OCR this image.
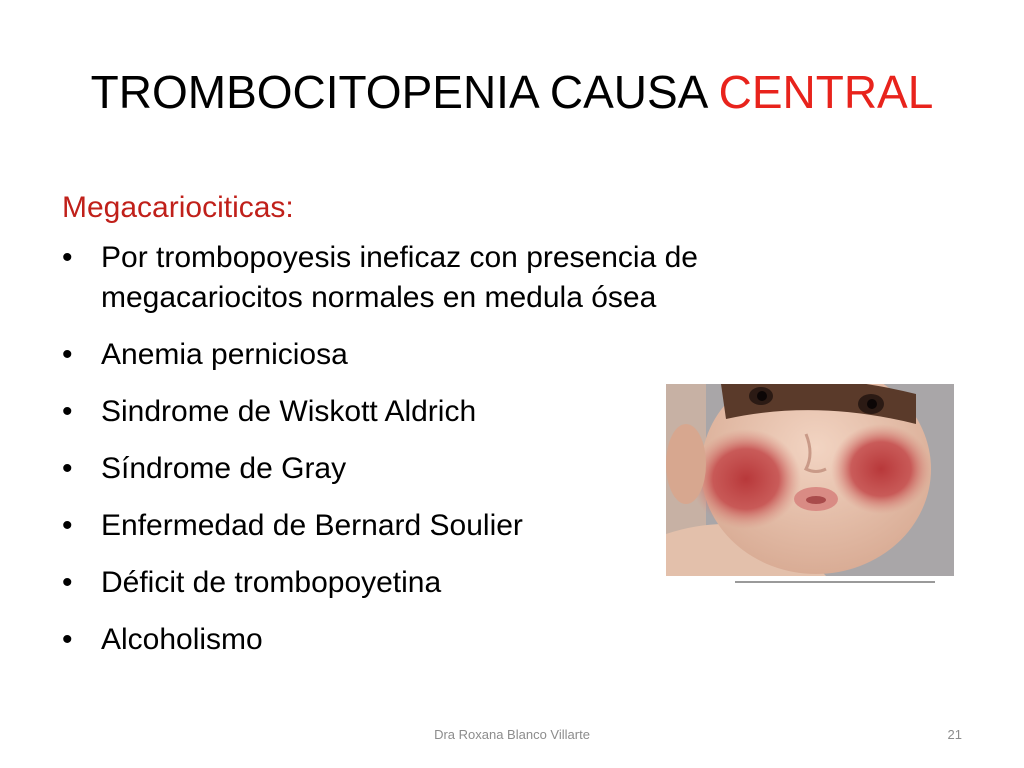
TROMBOCITOPENIA CAUSA CENTRAL
Megacariociticas:
• Por trombopoyesis ineficaz con presencia de megacariocitos normales en medula ósea
• Anemia perniciosa
• Sindrome de Wiskott Aldrich
• Síndrome de Gray
• Enfermedad de Bernard Soulier
• Déficit de trombopoyetina
• Alcoholismo
Dra Roxana Blanco Villarte	21
